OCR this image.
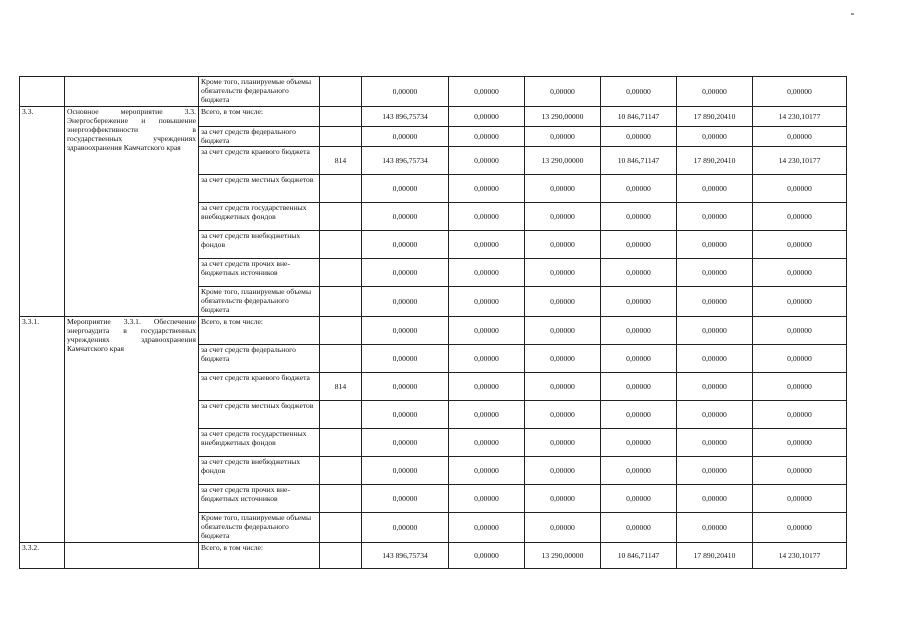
		Кроме того, планируемые объемы обязательств федерального бюджета		0,00000	0,00000	0,00000	0,00000	0,00000	0,00000
3.3.	Основное мероприятие 3.3. Энергосбережение и повышение энергоэффективности в государственных учреждениях здравоохранения Камчатского края	Всего, в том числе:		143 896,75734	0,00000	13 290,00000	10 846,71147	17 890,20410	14 230,10177
		за счет средств федерального бюджета		0,00000	0,00000	0,00000	0,00000	0,00000	0,00000
		за счет средств краевого бюджета	814	143 896,75734	0,00000	13 290,00000	10 846,71147	17 890,20410	14 230,10177
		за счет средств местных бюджетов		0,00000	0,00000	0,00000	0,00000	0,00000	0,00000
		за счет средств государственных внебюджетных фондов		0,00000	0,00000	0,00000	0,00000	0,00000	0,00000
		за счет средств внебюджетных фондов		0,00000	0,00000	0,00000	0,00000	0,00000	0,00000
		за счет средств прочих внебюджетных источников		0,00000	0,00000	0,00000	0,00000	0,00000	0,00000
		Кроме того, планируемые объемы обязательств федерального бюджета		0,00000	0,00000	0,00000	0,00000	0,00000	0,00000
3.3.1.	Мероприятие 3.3.1. Обеспечение энергоаудита в государственных учреждениях здравоохранения Камчатского края	Всего, в том числе:		0,00000	0,00000	0,00000	0,00000	0,00000	0,00000
		за счет средств федерального бюджета		0,00000	0,00000	0,00000	0,00000	0,00000	0,00000
		за счет средств краевого бюджета	814	0,00000	0,00000	0,00000	0,00000	0,00000	0,00000
		за счет средств местных бюджетов		0,00000	0,00000	0,00000	0,00000	0,00000	0,00000
		за счет средств государственных внебюджетных фондов		0,00000	0,00000	0,00000	0,00000	0,00000	0,00000
		за счет средств внебюджетных фондов		0,00000	0,00000	0,00000	0,00000	0,00000	0,00000
		за счет средств прочих внебюджетных источников		0,00000	0,00000	0,00000	0,00000	0,00000	0,00000
		Кроме того, планируемые объемы обязательств федерального бюджета		0,00000	0,00000	0,00000	0,00000	0,00000	0,00000
3.3.2.		Всего, в том числе:		143 896,75734	0,00000	13 290,00000	10 846,71147	17 890,20410	14 230,10177
